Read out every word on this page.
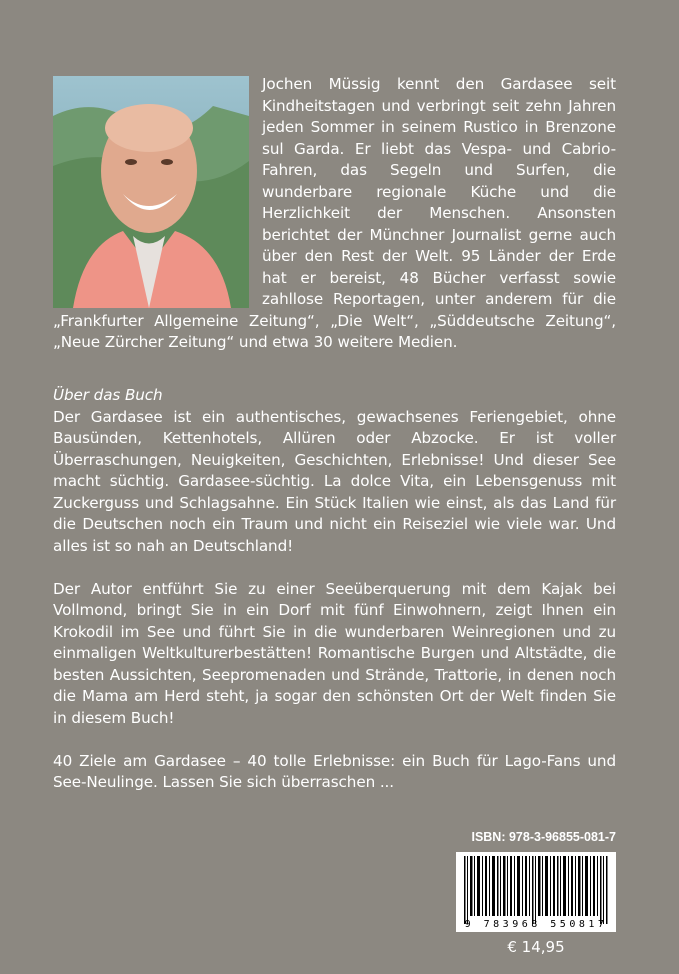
Jochen Müssig kennt den Gardasee seit Kindheitstagen und verbringt seit zehn Jahren jeden Sommer in seinem Rustico in Brenzone sul Garda. Er liebt das Vespa- und Cabrio-Fahren, das Segeln und Surfen, die wunderbare regionale Küche und die Herzlichkeit der Menschen. Ansonsten berichtet der Münchner Journalist gerne auch über den Rest der Welt. 95 Länder der Erde hat er bereist, 48 Bücher verfasst sowie zahllose Reportagen, unter anderem für die „Frankfurter Allgemeine Zeitung“, „Die Welt“, „Süddeutsche Zeitung“, „Neue Zürcher Zeitung“ und etwa 30 weitere Medien.

Über das Buch

Der Gardasee ist ein authentisches, gewachsenes Feriengebiet, ohne Bausünden, Kettenhotels, Allüren oder Abzocke. Er ist voller Überraschungen, Neuigkeiten, Geschichten, Erlebnisse! Und dieser See macht süchtig. Gardasee-süchtig. La dolce Vita, ein Lebensgenuss mit Zuckerguss und Schlagsahne. Ein Stück Italien wie einst, als das Land für die Deutschen noch ein Traum und nicht ein Reiseziel wie viele war. Und alles ist so nah an Deutschland!

Der Autor entführt Sie zu einer Seeüberquerung mit dem Kajak bei Vollmond, bringt Sie in ein Dorf mit fünf Einwohnern, zeigt Ihnen ein Krokodil im See und führt Sie in die wunderbaren Weinregionen und zu einmaligen Weltkulturerbestätten! Romantische Burgen und Altstädte, die besten Aussichten, Seepromenaden und Strände, Trattorie, in denen noch die Mama am Herd steht, ja sogar den schönsten Ort der Welt finden Sie in diesem Buch!

40 Ziele am Gardasee – 40 tolle Erlebnisse: ein Buch für Lago-Fans und See-Neulinge. Lassen Sie sich überraschen ...

ISBN: 978-3-96855-081-7
9 783968 550817
€ 14,95
